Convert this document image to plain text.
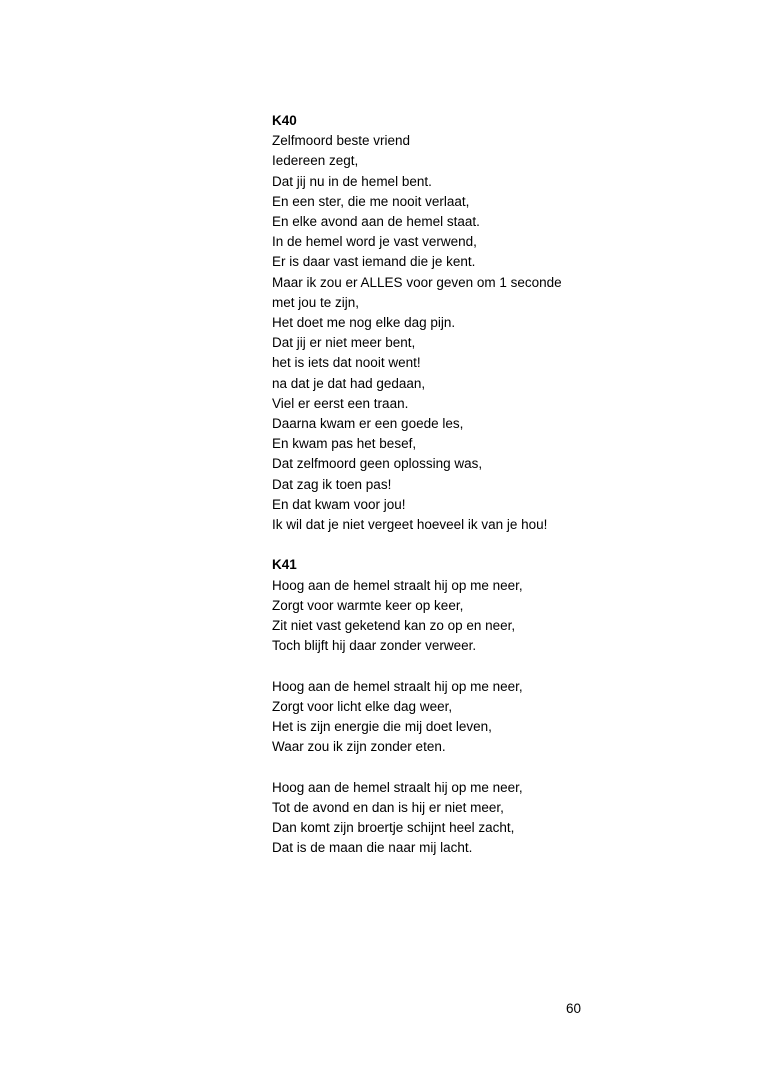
K40
Zelfmoord beste vriend
Iedereen zegt,
Dat jij nu in de hemel bent.
En een ster, die me nooit verlaat,
En elke avond aan de hemel staat.
In de hemel word je vast verwend,
Er is daar vast iemand die je kent.
Maar ik zou er ALLES voor geven om 1 seconde
met jou te zijn,
Het doet me nog elke dag pijn.
Dat jij er niet meer bent,
het is iets dat nooit went!
na dat je dat had gedaan,
Viel er eerst een traan.
Daarna kwam er een goede les,
En kwam pas het besef,
Dat zelfmoord geen oplossing was,
Dat zag ik toen pas!
En dat kwam voor jou!
Ik wil dat je niet vergeet hoeveel ik van je hou!
K41
Hoog aan de hemel straalt hij op me neer,
Zorgt voor warmte keer op keer,
Zit niet vast geketend kan zo op en neer,
Toch blijft hij daar zonder verweer.
Hoog aan de hemel straalt hij op me neer,
Zorgt voor licht elke dag weer,
Het is zijn energie die mij doet leven,
Waar zou ik zijn zonder eten.
Hoog aan de hemel straalt hij op me neer,
Tot de avond en dan is hij er niet meer,
Dan komt zijn broertje schijnt heel zacht,
Dat is de maan die naar mij lacht.
60
